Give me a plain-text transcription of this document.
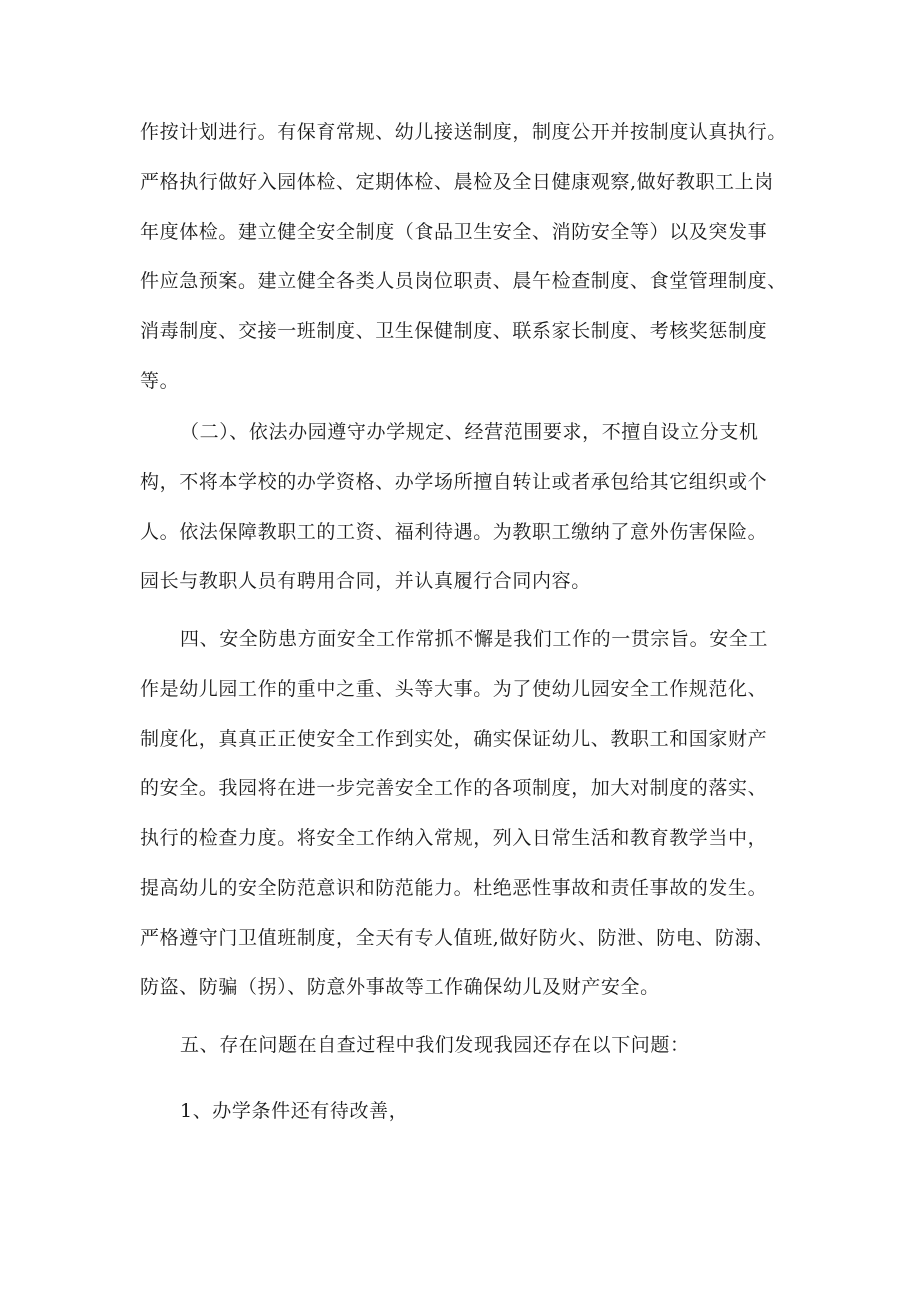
作按计划进行。有保育常规、幼儿接送制度，制度公开并按制度认真执行。
严格执行做好入园体检、定期体检、晨检及全日健康观察,做好教职工上岗
年度体检。建立健全安全制度（食品卫生安全、消防安全等）以及突发事
件应急预案。建立健全各类人员岗位职责、晨午检查制度、食堂管理制度、
消毒制度、交接一班制度、卫生保健制度、联系家长制度、考核奖惩制度
等。
（二）、依法办园遵守办学规定、经营范围要求，不擅自设立分支机
构，不将本学校的办学资格、办学场所擅自转让或者承包给其它组织或个
人。依法保障教职工的工资、福利待遇。为教职工缴纳了意外伤害保险。
园长与教职人员有聘用合同，并认真履行合同内容。
四、安全防患方面安全工作常抓不懈是我们工作的一贯宗旨。安全工
作是幼儿园工作的重中之重、头等大事。为了使幼儿园安全工作规范化、
制度化，真真正正使安全工作到实处，确实保证幼儿、教职工和国家财产
的安全。我园将在进一步完善安全工作的各项制度，加大对制度的落实、
执行的检查力度。将安全工作纳入常规，列入日常生活和教育教学当中，
提高幼儿的安全防范意识和防范能力。杜绝恶性事故和责任事故的发生。
严格遵守门卫值班制度，全天有专人值班,做好防火、防泄、防电、防溺、
防盗、防骗（拐）、防意外事故等工作确保幼儿及财产安全。
五、存在问题在自查过程中我们发现我园还存在以下问题：
1、办学条件还有待改善，
